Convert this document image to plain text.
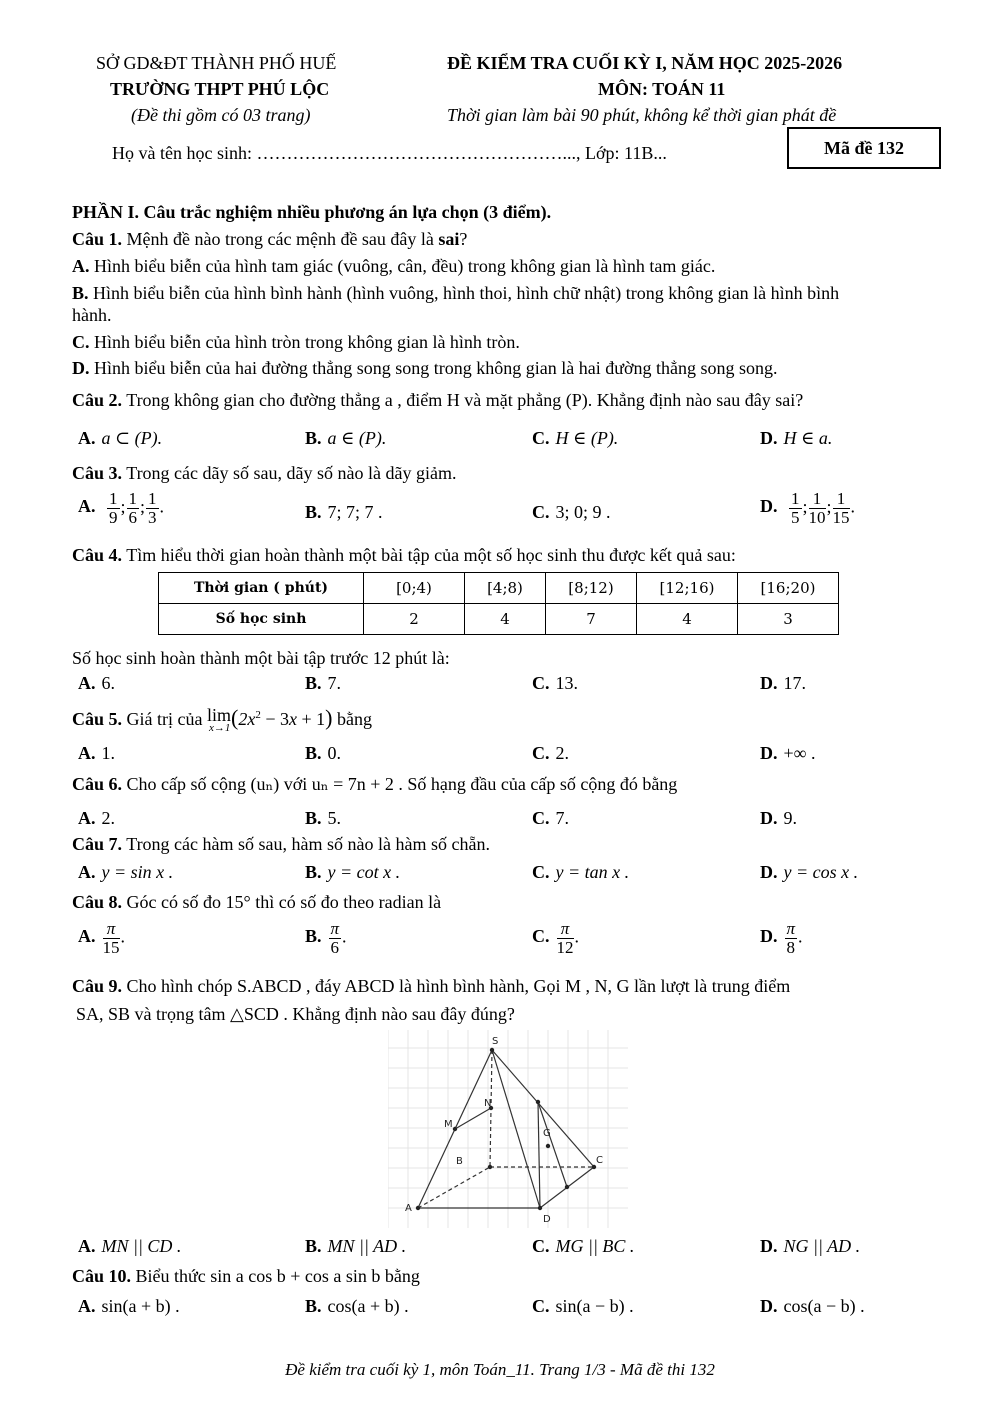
SỞ GD&ĐT THÀNH PHỐ HUẾ
TRƯỜNG THPT PHÚ LỘC
(Đề thi gồm có 03 trang)
ĐỀ KIỂM TRA CUỐI KỲ I, NĂM HỌC 2025-2026
MÔN: TOÁN 11
Thời gian làm bài 90 phút, không kể thời gian phát đề
Họ và tên học sinh: ……………………………………………..., Lớp: 11B...	Mã đề 132
PHẦN I. Câu trắc nghiệm nhiều phương án lựa chọn (3 điểm).
Câu 1. Mệnh đề nào trong các mệnh đề sau đây là sai?
A. Hình biểu biễn của hình tam giác (vuông, cân, đều) trong không gian là hình tam giác.
B. Hình biểu biễn của hình bình hành (hình vuông, hình thoi, hình chữ nhật) trong không gian là hình bình
hành.
C. Hình biểu biễn của hình tròn trong không gian là hình tròn.
D. Hình biểu biễn của hai đường thẳng song song trong không gian là hai đường thẳng song song.
Câu 2. Trong không gian cho đường thẳng a , điểm H và mặt phẳng (P). Khẳng định nào sau đây sai?
A. a ⊂ (P).	B. a ∈ (P).	C. H ∈ (P).	D. H ∈ a.
Câu 3. Trong các dãy số sau, dãy số nào là dãy giảm.
A. $\frac{1}{9}$ ; $\frac{1}{6}$ ; $\frac{1}{3}$ .	B. 7; 7; 7 .	C. 3; 0; 9 .	D. $\frac{1}{5}$ ; $\frac{1}{10}$ ; $\frac{1}{15}$ .
Câu 4. Tìm hiểu thời gian hoàn thành một bài tập của một số học sinh thu được kết quả sau:
Thời gian ( phút)	[0;4)	[4;8)	[8;12)	[12;16)	[16;20)
Số học sinh	2	4	7	4	3
Số học sinh hoàn thành một bài tập trước 12 phút là:
A. 6.	B. 7.	C. 13.	D. 17.
Câu 5. Giá trị của lim
x→1 $(2x^2 - 3x + 1)$ bằng
A. 1.	B. 0.	C. 2.	D. +∞ .
Câu 6. Cho cấp số cộng (uₙ) với uₙ = 7n + 2 . Số hạng đầu của cấp số cộng đó bằng
A. 2.	B. 5.	C. 7.	D. 9.
Câu 7. Trong các hàm số sau, hàm số nào là hàm số chẵn.
A. y = sin x .	B. y = cot x .	C. y = tan x .	D. y = cos x .
Câu 8. Góc có số đo 15° thì có số đo theo radian là
A. $\frac{\pi}{15}$ .	B. $\frac{\pi}{6}$ .	C. $\frac{\pi}{12}$ .	D. $\frac{\pi}{8}$ .
Câu 9. Cho hình chóp S.ABCD , đáy ABCD là hình bình hành, Gọi M , N, G lần lượt là trung điểm
SA, SB và trọng tâm △SCD . Khẳng định nào sau đây đúng?
S
N
M
G
B	C
A
D
A. MN || CD .	B. MN || AD .	C. MG || BC .	D. NG || AD .
Câu 10. Biểu thức sin a cos b + cos a sin b bằng
A. sin(a + b) .	B. cos(a + b) .	C. sin(a − b) .	D. cos(a − b) .
Đề kiểm tra cuối kỳ 1, môn Toán_11. Trang 1/3 - Mã đề thi 132
